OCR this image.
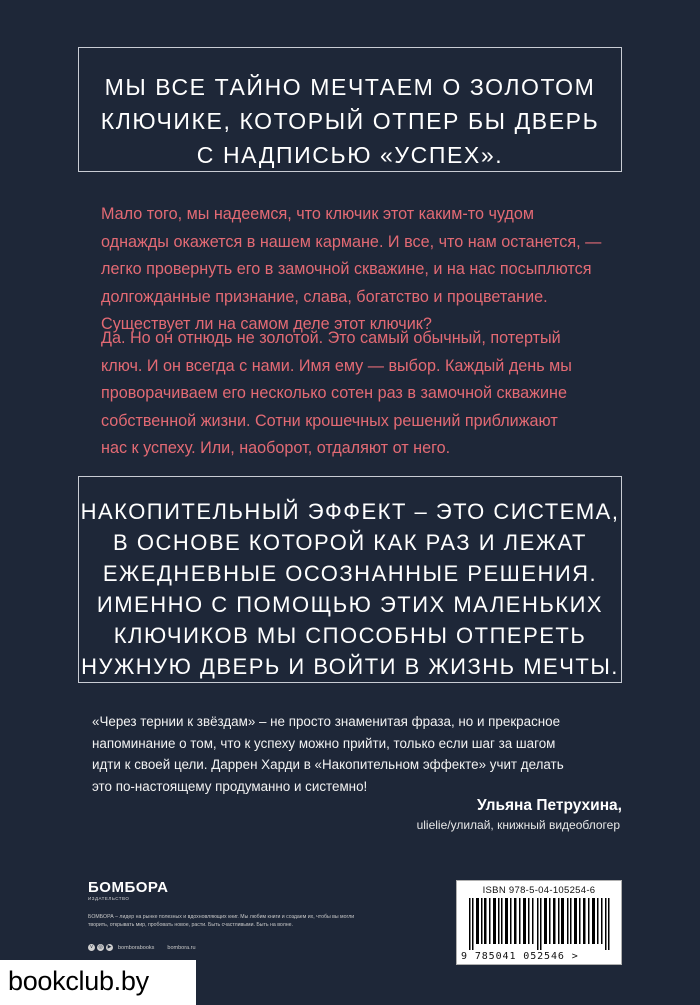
МЫ ВСЕ ТАЙНО МЕЧТАЕМ О ЗОЛОТОМ
КЛЮЧИКЕ, КОТОРЫЙ ОТПЕР БЫ ДВЕРЬ
С НАДПИСЬЮ «УСПЕХ».
Мало того, мы надеемся, что ключик этот каким-то чудом
однажды окажется в нашем кармане. И все, что нам останется, —
легко провернуть его в замочной скважине, и на нас посыплются
долгожданные признание, слава, богатство и процветание.
Существует ли на самом деле этот ключик?
Да. Но он отнюдь не золотой. Это самый обычный, потертый
ключ. И он всегда с нами. Имя ему — выбор. Каждый день мы
проворачиваем его несколько сотен раз в замочной скважине
собственной жизни. Сотни крошечных решений приближают
нас к успеху. Или, наоборот, отдаляют от него.
НАКОПИТЕЛЬНЫЙ ЭФФЕКТ – ЭТО СИСТЕМА,
В ОСНОВЕ КОТОРОЙ КАК РАЗ И ЛЕЖАТ
ЕЖЕДНЕВНЫЕ ОСОЗНАННЫЕ РЕШЕНИЯ.
ИМЕННО С ПОМОЩЬЮ ЭТИХ МАЛЕНЬКИХ
КЛЮЧИКОВ МЫ СПОСОБНЫ ОТПЕРЕТЬ
НУЖНУЮ ДВЕРЬ И ВОЙТИ В ЖИЗНЬ МЕЧТЫ.
«Через тернии к звёздам» – не просто знаменитая фраза, но и прекрасное
напоминание о том, что к успеху можно прийти, только если шаг за шагом
идти к своей цели. Даррен Харди в «Накопительном эффекте» учит делать
это по-настоящему продуманно и системно!
Ульяна Петрухина,
ulielie/улилай, книжный видеоблогер
БОМБОРА
ИЗДАТЕЛЬСТВО
БОМБОРА – лидер на рынке полезных и вдохновляющих книг. Мы любим книги и создаем их, чтобы вы могли творить, открывать мир, пробовать новое, расти. Быть счастливыми. Быть на волне.
v	◎ ▶ bomborabooks bombora.ru
ISBN 978-5-04-105254-6
9 785041 052546 >
bookclub.by
